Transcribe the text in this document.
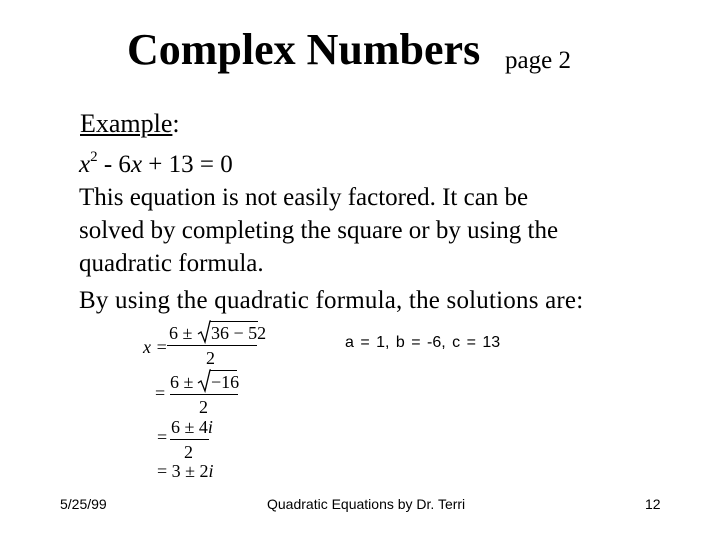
Complex Numbers page 2
Example:
$x^2 - 6x + 13 = 0$
This equation is not easily factored. It can be
solved by completing the square or by using the
quadratic formula.
By using the quadratic formula, the solutions are:
a = 1, b = -6, c = 13
x =
6 ± 36 − 52
2
=
6 ± −16
2
= 6 ± 4i
2
= 3 ± 2i
5/25/99	Quadratic Equations by Dr. Terri	12
